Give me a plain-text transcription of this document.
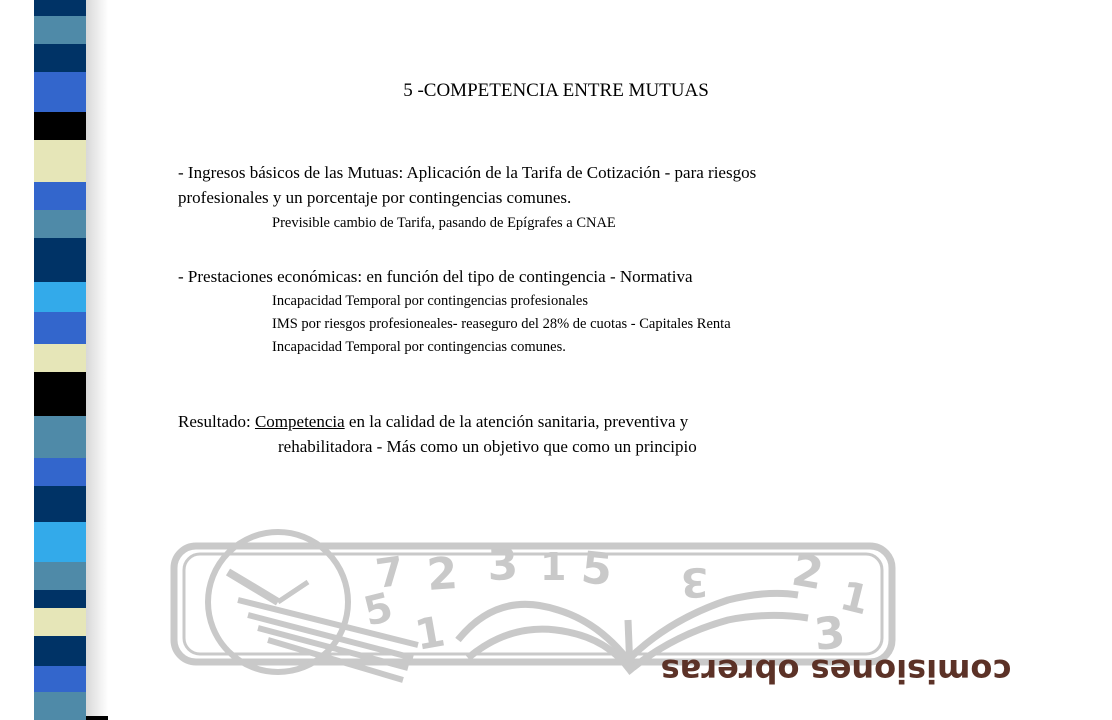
5 -COMPETENCIA ENTRE MUTUAS
- Ingresos básicos de las Mutuas: Aplicación de la Tarifa de Cotización - para riesgos
profesionales y un porcentaje por contingencias comunes.
Previsible cambio de Tarifa, pasando de Epígrafes a CNAE
- Prestaciones económicas: en función del tipo de contingencia - Normativa
Incapacidad Temporal por contingencias profesionales
IMS por riesgos profesioneales- reaseguro del 28% de cuotas - Capitales Renta
Incapacidad Temporal por contingencias comunes.
Resultado: Competencia en la calidad de la atención sanitaria, preventiva y
rehabilitadora - Más como un objetivo que como un principio
7 2 3 1 5 3 2 1
5 1	3
comisiones obreras
